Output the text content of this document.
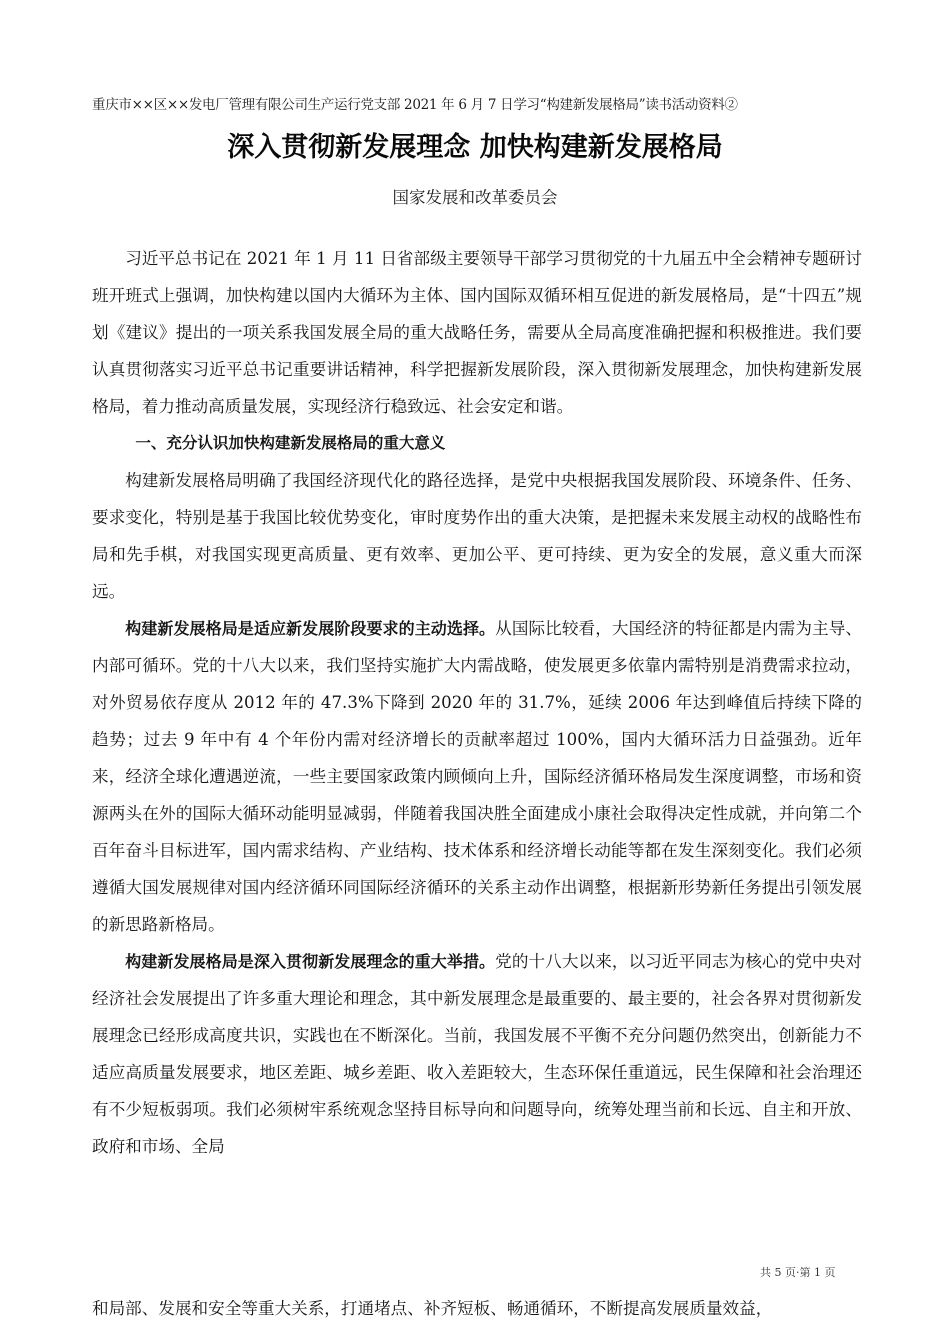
重庆市××区××发电厂管理有限公司生产运行党支部 2021 年 6 月 7 日学习“构建新发展格局”读书活动资料②
深入贯彻新发展理念 加快构建新发展格局
国家发展和改革委员会

习近平总书记在 2021 年 1 月 11 日省部级主要领导干部学习贯彻党的十九届五中全会精神专题研讨班开班式上强调，加快构建以国内大循环为主体、国内国际双循环相互促进的新发展格局，是“十四五”规划《建议》提出的一项关系我国发展全局的重大战略任务，需要从全局高度准确把握和积极推进。我们要认真贯彻落实习近平总书记重要讲话精神，科学把握新发展阶段，深入贯彻新发展理念，加快构建新发展格局，着力推动高质量发展，实现经济行稳致远、社会安定和谐。

一、充分认识加快构建新发展格局的重大意义

构建新发展格局明确了我国经济现代化的路径选择，是党中央根据我国发展阶段、环境条件、任务、要求变化，特别是基于我国比较优势变化，审时度势作出的重大决策，是把握未来发展主动权的战略性布局和先手棋，对我国实现更高质量、更有效率、更加公平、更可持续、更为安全的发展，意义重大而深远。

构建新发展格局是适应新发展阶段要求的主动选择。从国际比较看，大国经济的特征都是内需为主导、内部可循环。党的十八大以来，我们坚持实施扩大内需战略，使发展更多依靠内需特别是消费需求拉动，对外贸易依存度从 2012 年的 47.3%下降到 2020 年的 31.7%，延续 2006 年达到峰值后持续下降的趋势；过去 9 年中有 4 个年份内需对经济增长的贡献率超过 100%，国内大循环活力日益强劲。近年来，经济全球化遭遇逆流，一些主要国家政策内顾倾向上升，国际经济循环格局发生深度调整，市场和资源两头在外的国际大循环动能明显减弱，伴随着我国决胜全面建成小康社会取得决定性成就，并向第二个百年奋斗目标进军，国内需求结构、产业结构、技术体系和经济增长动能等都在发生深刻变化。我们必须遵循大国发展规律对国内经济循环同国际经济循环的关系主动作出调整，根据新形势新任务提出引领发展的新思路新格局。

构建新发展格局是深入贯彻新发展理念的重大举措。党的十八大以来，以习近平同志为核心的党中央对经济社会发展提出了许多重大理论和理念，其中新发展理念是最重要的、最主要的，社会各界对贯彻新发展理念已经形成高度共识，实践也在不断深化。当前，我国发展不平衡不充分问题仍然突出，创新能力不适应高质量发展要求，地区差距、城乡差距、收入差距较大，生态环保任重道远，民生保障和社会治理还有不少短板弱项。我们必须树牢系统观念坚持目标导向和问题导向，统筹处理当前和长远、自主和开放、政府和市场、全局

共 5 页·第 1 页
和局部、发展和安全等重大关系，打通堵点、补齐短板、畅通循环，不断提高发展质量效益，
